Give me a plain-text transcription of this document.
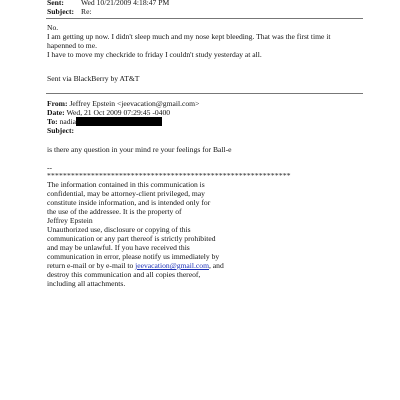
Sent: Wed 10/21/2009 4:18:47 PM
Subject: Re:
No.
I am getting up now. I didn't sleep much and my nose kept bleeding. That was the first time it
hapenned to me.
I have to move my checkride to friday I couldn't study yesterday at all.
Sent via BlackBerry by AT&T
From: Jeffrey Epstein <jeevacation@gmail.com>
Date: Wed, 21 Oct 2009 07:29:45 -0400
To: nadia
Subject:
is there any question in your mind re your feelings for Ball-e
--
*************************************************************
The information contained in this communication is
confidential, may be attorney-client privileged, may
constitute inside information, and is intended only for
the use of the addressee. It is the property of
Jeffrey Epstein
Unauthorized use, disclosure or copying of this
communication or any part thereof is strictly prohibited
and may be unlawful. If you have received this
communication in error, please notify us immediately by
return e-mail or by e-mail to jeevacation@gmail.com, and
destroy this communication and all copies thereof,
including all attachments.
